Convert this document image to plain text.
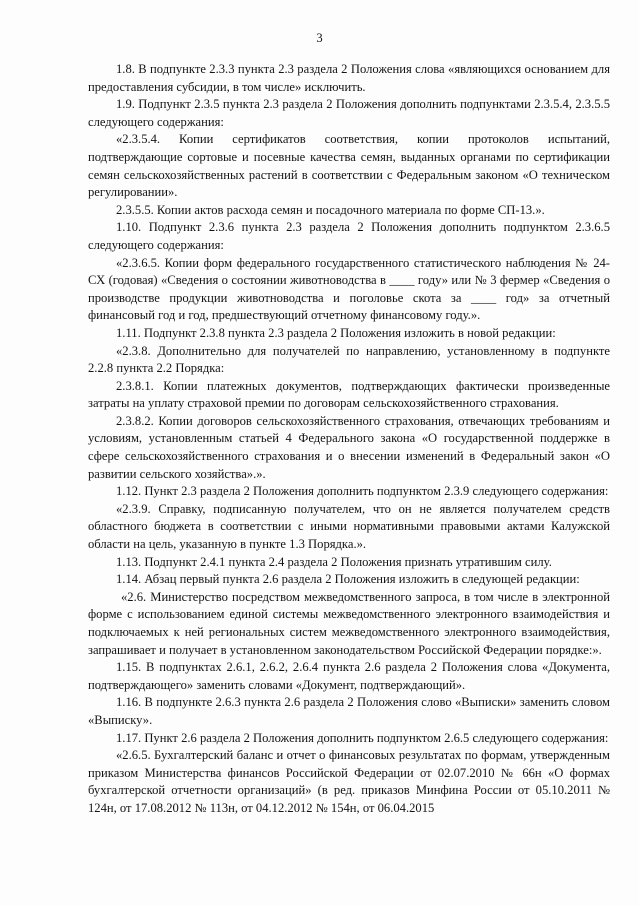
3

1.8. В подпункте 2.3.3 пункта 2.3 раздела 2 Положения слова «являющихся основанием для предоставления субсидии, в том числе» исключить.

1.9. Подпункт 2.3.5 пункта 2.3 раздела 2 Положения дополнить подпунктами 2.3.5.4, 2.3.5.5 следующего содержания:

«2.3.5.4. Копии сертификатов соответствия, копии протоколов испытаний, подтверждающие сортовые и посевные качества семян, выданных органами по сертификации семян сельскохозяйственных растений в соответствии с Федеральным законом «О техническом регулировании».

2.3.5.5. Копии актов расхода семян и посадочного материала по форме СП-13.».

1.10. Подпункт 2.3.6 пункта 2.3 раздела 2 Положения дополнить подпунктом 2.3.6.5 следующего содержания:

«2.3.6.5. Копии форм федерального государственного статистического наблюдения № 24-СХ (годовая) «Сведения о состоянии животноводства в ____ году» или № 3 фермер «Сведения о производстве продукции животноводства и поголовье скота за ____ год» за отчетный финансовый год и год, предшествующий отчетному финансовому году.».

1.11. Подпункт 2.3.8 пункта 2.3 раздела 2 Положения изложить в новой редакции:

«2.3.8. Дополнительно для получателей по направлению, установленному в подпункте 2.2.8 пункта 2.2 Порядка:

2.3.8.1. Копии платежных документов, подтверждающих фактически произведенные затраты на уплату страховой премии по договорам сельскохозяйственного страхования.

2.3.8.2. Копии договоров сельскохозяйственного страхования, отвечающих требованиям и условиям, установленным статьей 4 Федерального закона «О государственной поддержке в сфере сельскохозяйственного страхования и о внесении изменений в Федеральный закон «О развитии сельского хозяйства».».

1.12. Пункт 2.3 раздела 2 Положения дополнить подпунктом 2.3.9 следующего содержания:

«2.3.9. Справку, подписанную получателем, что он не является получателем средств областного бюджета в соответствии с иными нормативными правовыми актами Калужской области на цель, указанную в пункте 1.3 Порядка.».

1.13. Подпункт 2.4.1 пункта 2.4 раздела 2 Положения признать утратившим силу.

1.14. Абзац первый пункта 2.6 раздела 2 Положения изложить в следующей редакции:

«2.6. Министерство посредством межведомственного запроса, в том числе в электронной форме с использованием единой системы межведомственного электронного взаимодействия и подключаемых к ней региональных систем межведомственного электронного взаимодействия, запрашивает и получает в установленном законодательством Российской Федерации порядке:».

1.15. В подпунктах 2.6.1, 2.6.2, 2.6.4 пункта 2.6 раздела 2 Положения слова «Документа, подтверждающего» заменить словами «Документ, подтверждающий».

1.16. В подпункте 2.6.3 пункта 2.6 раздела 2 Положения слово «Выписки» заменить словом «Выписку».

1.17. Пункт 2.6 раздела 2 Положения дополнить подпунктом 2.6.5 следующего содержания:

«2.6.5. Бухгалтерский баланс и отчет о финансовых результатах по формам, утвержденным приказом Министерства финансов Российской Федерации от 02.07.2010 № 66н «О формах бухгалтерской отчетности организаций» (в ред. приказов Минфина России от 05.10.2011 № 124н, от 17.08.2012 № 113н, от 04.12.2012 № 154н, от 06.04.2015
